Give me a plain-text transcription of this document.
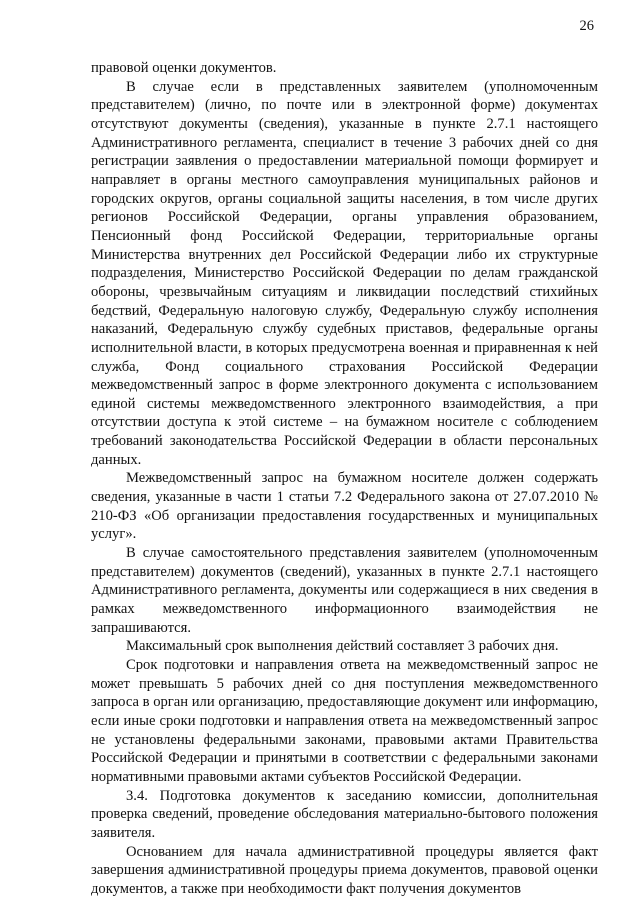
26

правовой оценки документов.

В случае если в представленных заявителем (уполномоченным представителем) (лично, по почте или в электронной форме) документах отсутствуют документы (сведения), указанные в пункте 2.7.1 настоящего Административного регламента, специалист в течение 3 рабочих дней со дня регистрации заявления о предоставлении материальной помощи формирует и направляет в органы местного самоуправления муниципальных районов и городских округов, органы социальной защиты населения, в том числе других регионов Российской Федерации, органы управления образованием, Пенсионный фонд Российской Федерации, территориальные органы Министерства внутренних дел Российской Федерации либо их структурные подразделения, Министерство Российской Федерации по делам гражданской обороны, чрезвычайным ситуациям и ликвидации последствий стихийных бедствий, Федеральную налоговую службу, Федеральную службу исполнения наказаний, Федеральную службу судебных приставов, федеральные органы исполнительной власти, в которых предусмотрена военная и приравненная к ней служба, Фонд социального страхования Российской Федерации межведомственный запрос в форме электронного документа с использованием единой системы межведомственного электронного взаимодействия, а при отсутствии доступа к этой системе – на бумажном носителе с соблюдением требований законодательства Российской Федерации в области персональных данных.

Межведомственный запрос на бумажном носителе должен содержать сведения, указанные в части 1 статьи 7.2 Федерального закона от 27.07.2010 № 210-ФЗ «Об организации предоставления государственных и муниципальных услуг».

В случае самостоятельного представления заявителем (уполномоченным представителем) документов (сведений), указанных в пункте 2.7.1 настоящего Административного регламента, документы или содержащиеся в них сведения в рамках межведомственного информационного взаимодействия не запрашиваются.

Максимальный срок выполнения действий составляет 3 рабочих дня.

Срок подготовки и направления ответа на межведомственный запрос не может превышать 5 рабочих дней со дня поступления межведомственного запроса в орган или организацию, предоставляющие документ или информацию, если иные сроки подготовки и направления ответа на межведомственный запрос не установлены федеральными законами, правовыми актами Правительства Российской Федерации и принятыми в соответствии с федеральными законами нормативными правовыми актами субъектов Российской Федерации.

3.4. Подготовка документов к заседанию комиссии, дополнительная проверка сведений, проведение обследования материально-бытового положения заявителя.

Основанием для начала административной процедуры является факт завершения административной процедуры приема документов, правовой оценки документов, а также при необходимости факт получения документов
